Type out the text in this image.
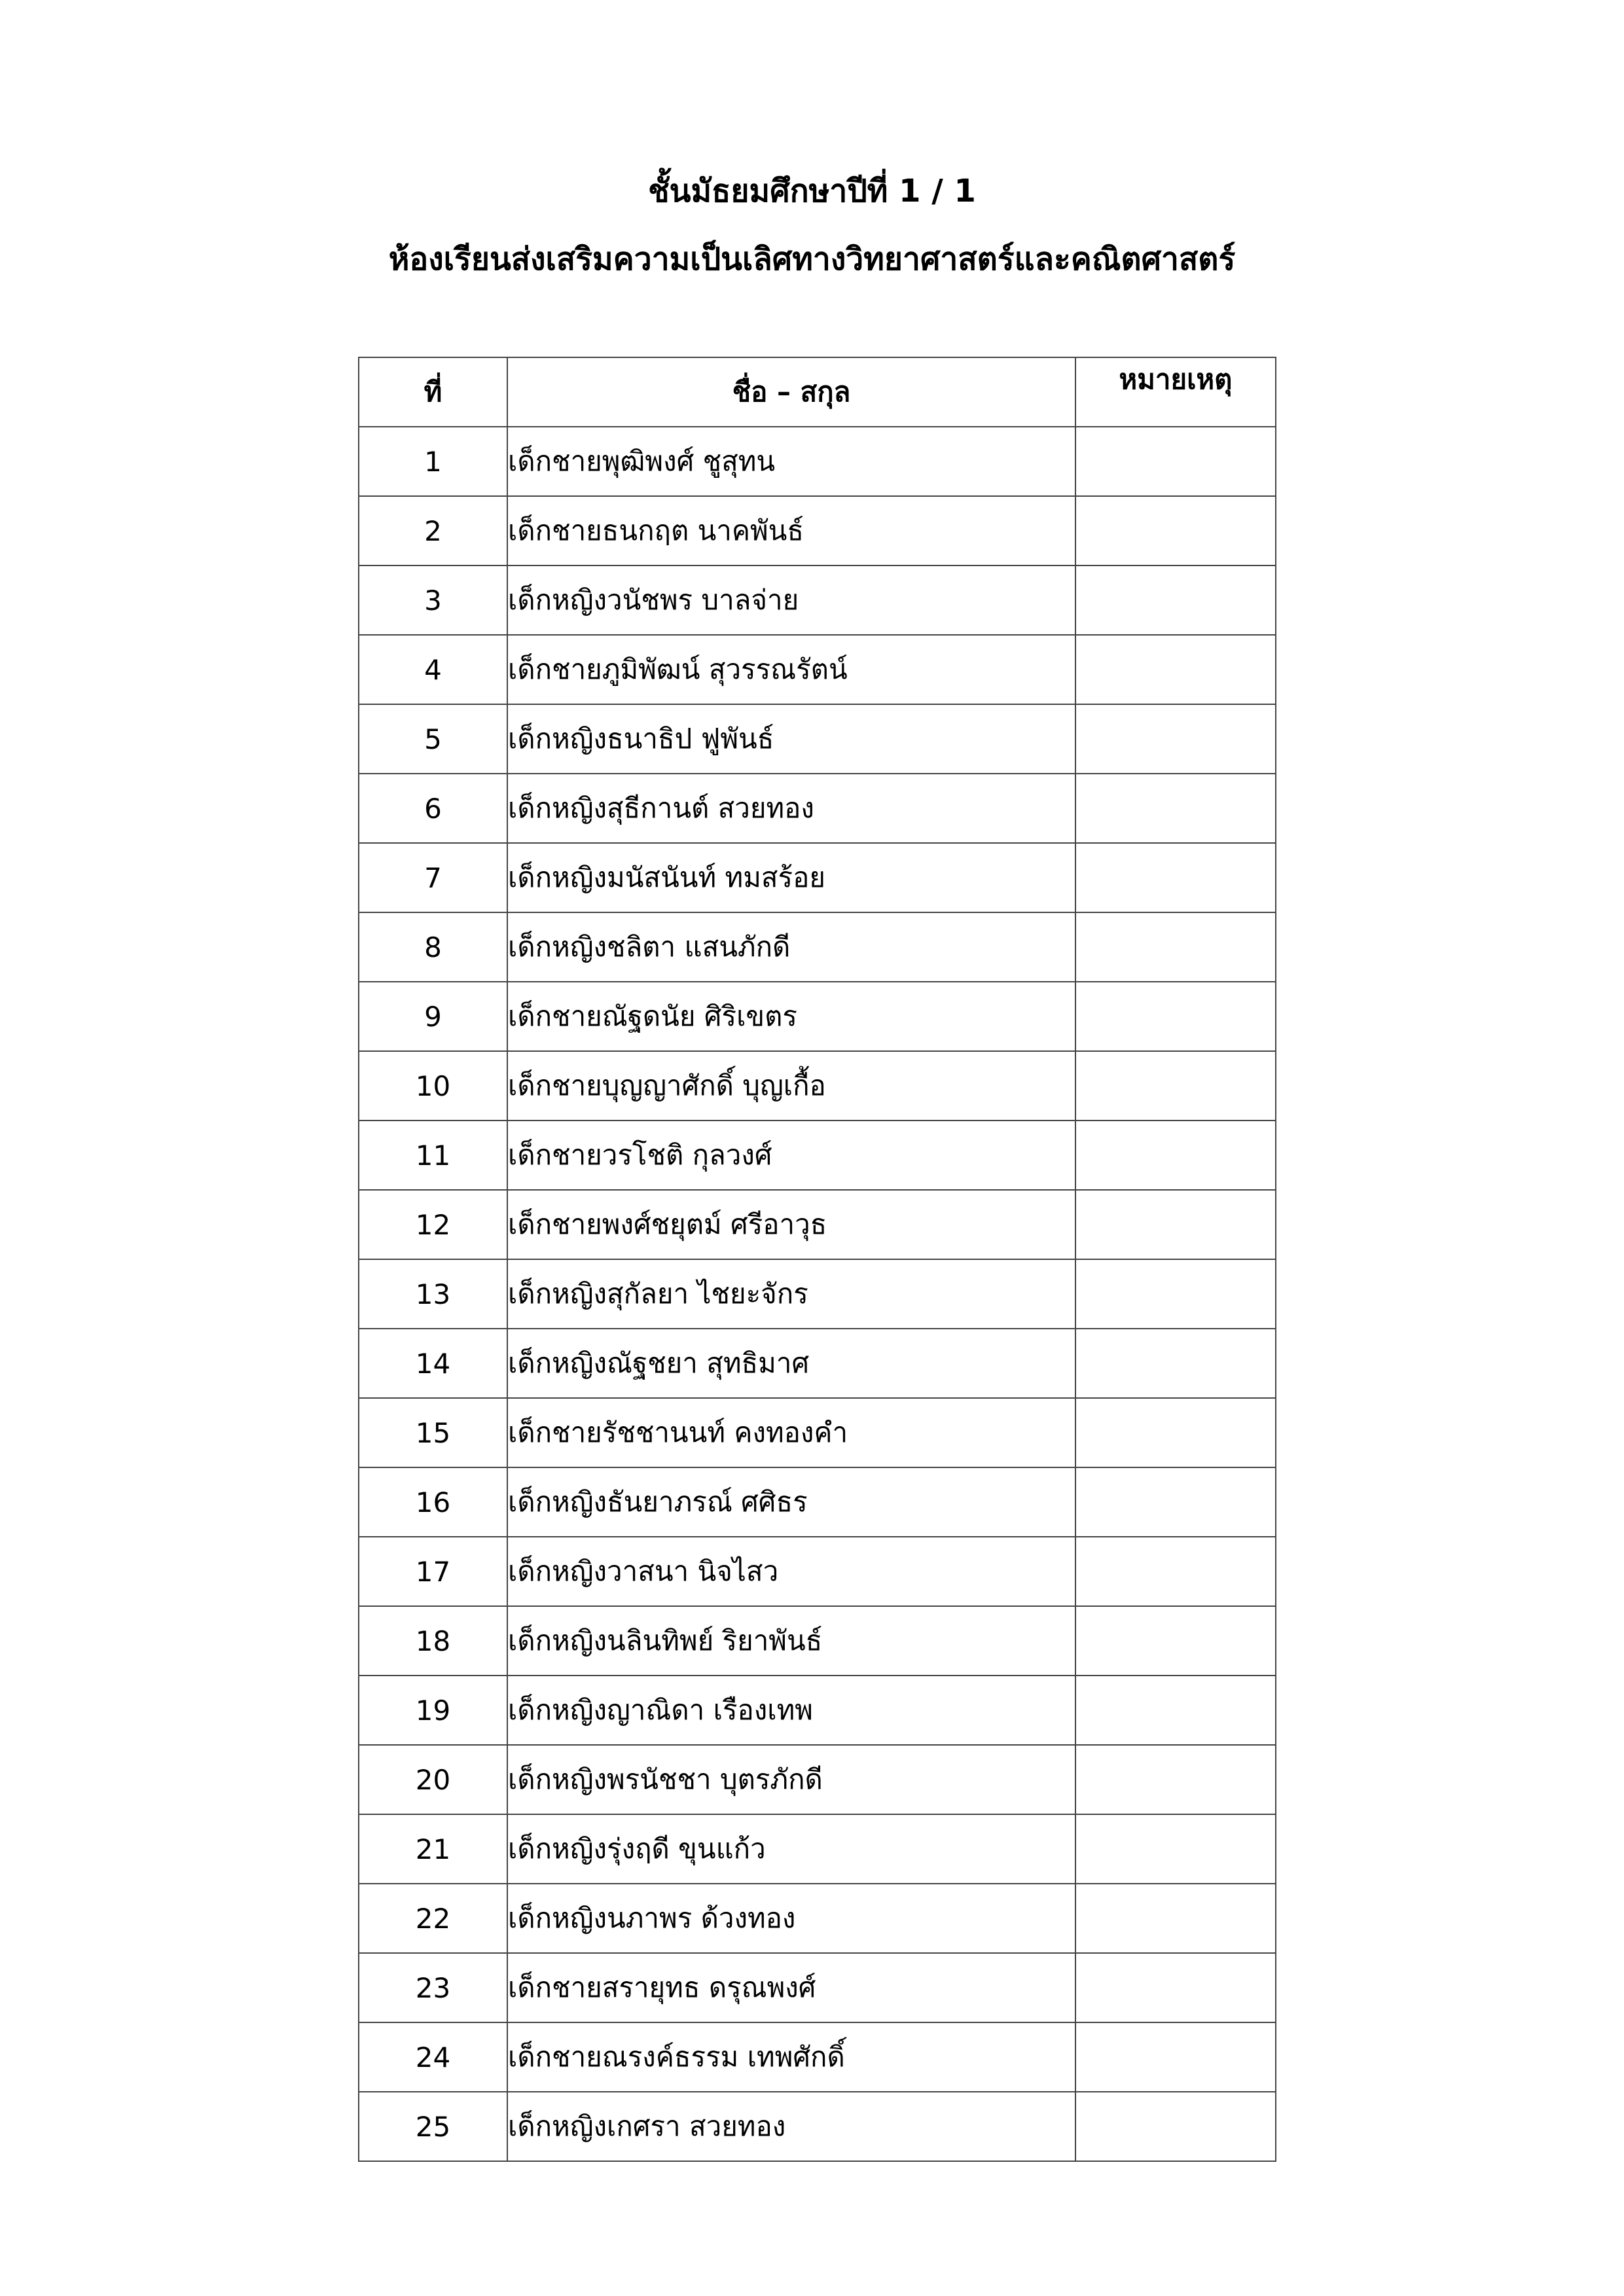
ชั้นมัธยมศึกษาปีที่ 1 / 1
ห้องเรียนส่งเสริมความเป็นเลิศทางวิทยาศาสตร์และคณิตศาสตร์
ที่	ชื่อ – สกุล	หมายเหตุ
1	เด็กชายพุฒิพงศ์ ชูสุทน	
2	เด็กชายธนกฤต นาคพันธ์	
3	เด็กหญิงวนัชพร บาลจ่าย	
4	เด็กชายภูมิพัฒน์ สุวรรณรัตน์	
5	เด็กหญิงธนาธิป ฟูพันธ์	
6	เด็กหญิงสุธีกานต์ สวยทอง	
7	เด็กหญิงมนัสนันท์ ทมสร้อย	
8	เด็กหญิงชลิตา แสนภักดี	
9	เด็กชายณัฐดนัย ศิริเขตร	
10	เด็กชายบุญญาศักดิ์ บุญเกื้อ	
11	เด็กชายวรโชติ กุลวงศ์	
12	เด็กชายพงศ์ชยุตม์ ศรีอาวุธ	
13	เด็กหญิงสุกัลยา ไชยะจักร	
14	เด็กหญิงณัฐชยา สุทธิมาศ	
15	เด็กชายรัชชานนท์ คงทองคำ	
16	เด็กหญิงธันยาภรณ์ ศศิธร	
17	เด็กหญิงวาสนา นิจไสว	
18	เด็กหญิงนลินทิพย์ ริยาพันธ์	
19	เด็กหญิงญาณิดา เรืองเทพ	
20	เด็กหญิงพรนัชชา บุตรภักดี	
21	เด็กหญิงรุ่งฤดี ขุนแก้ว	
22	เด็กหญิงนภาพร ด้วงทอง	
23	เด็กชายสรายุทธ ดรุณพงศ์	
24	เด็กชายณรงค์ธรรม เทพศักดิ์	
25	เด็กหญิงเกศรา สวยทอง	
